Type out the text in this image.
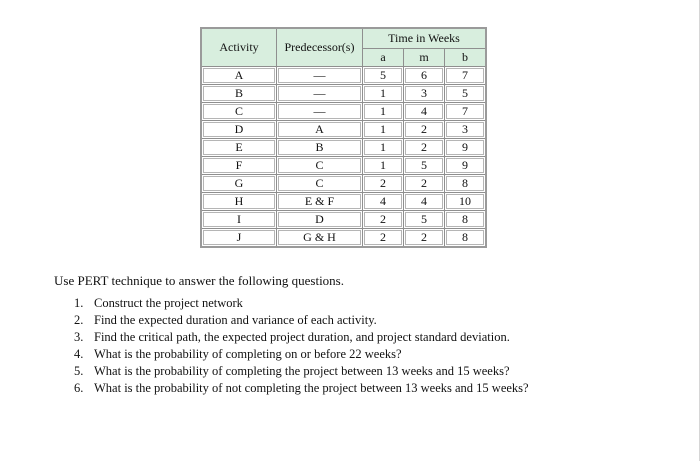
Activity	Predecessor(s)	Time in Weeks		
		a	m	b

A	—	5	6	7

B	—	1	3	5

C	—	1	4	7

D	A	1	2	3

E	B	1	2	9

F	C	1	5	9

G	C	2	2	8

H	E & F	4	4	10

I	D	2	5	8

J	G & H	2	2	8

Use PERT technique to answer the following questions.

1. Construct the project network
2. Find the expected duration and variance of each activity.
3. Find the critical path, the expected project duration, and project standard deviation.
4. What is the probability of completing on or before 22 weeks?
5. What is the probability of completing the project between 13 weeks and 15 weeks?
6. What is the probability of not completing the project between 13 weeks and 15 weeks?
